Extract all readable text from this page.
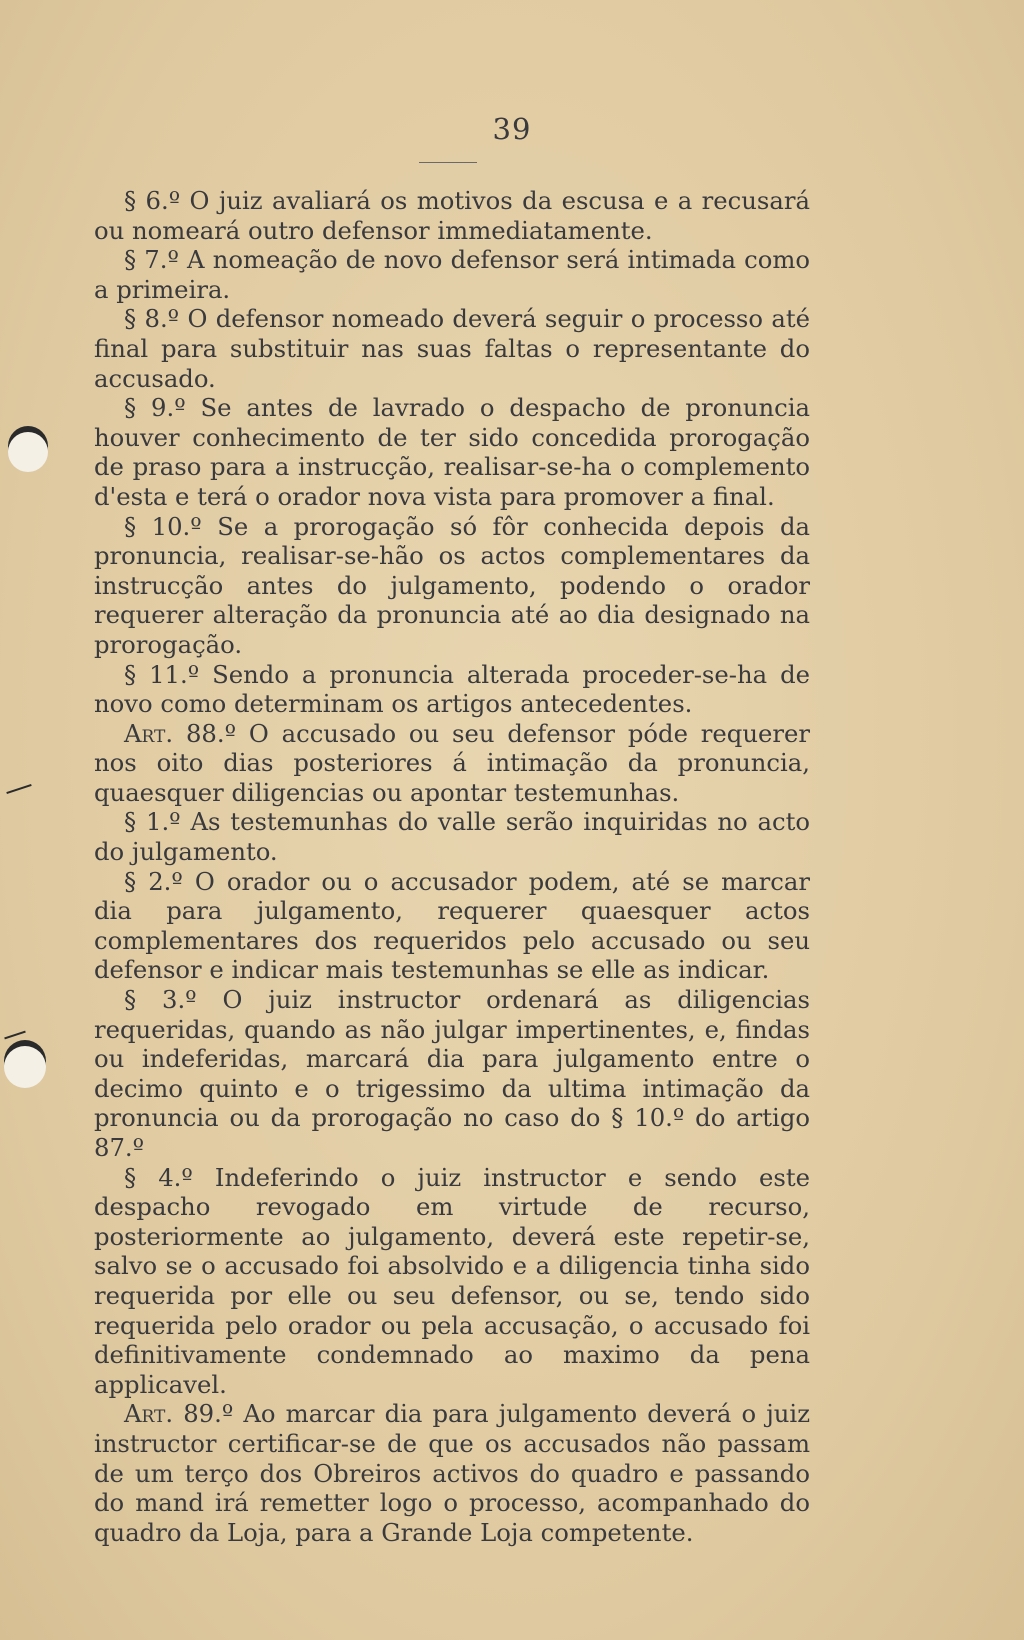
39

§ 6.º O juiz avaliará os motivos da escusa e a recusará ou nomeará outro defensor immediatamente.

§ 7.º A nomeação de novo defensor será intimada como a primeira.

§ 8.º O defensor nomeado deverá seguir o processo até final para substituir nas suas faltas o representante do accusado.

§ 9.º Se antes de lavrado o despacho de pronuncia houver conhecimento de ter sido concedida prorogação de praso para a instrucção, realisar-se-ha o complemento d'esta e terá o orador nova vista para promover a final.

§ 10.º Se a prorogação só fôr conhecida depois da pronuncia, realisar-se-hão os actos complementares da instrucção antes do julgamento, podendo o orador requerer alteração da pronuncia até ao dia designado na prorogação.

§ 11.º Sendo a pronuncia alterada proceder-se-ha de novo como determinam os artigos antecedentes.

Art. 88.º O accusado ou seu defensor póde requerer nos oito dias posteriores á intimação da pronuncia, quaesquer diligencias ou apontar testemunhas.

§ 1.º As testemunhas do valle serão inquiridas no acto do julgamento.

§ 2.º O orador ou o accusador podem, até se marcar dia para julgamento, requerer quaesquer actos complementares dos requeridos pelo accusado ou seu defensor e indicar mais testemunhas se elle as indicar.

§ 3.º O juiz instructor ordenará as diligencias requeridas, quando as não julgar impertinentes, e, findas ou indeferidas, marcará dia para julgamento entre o decimo quinto e o trigessimo da ultima intimação da pronuncia ou da prorogação no caso do § 10.º do artigo 87.º

§ 4.º Indeferindo o juiz instructor e sendo este despacho revogado em virtude de recurso, posteriormente ao julgamento, deverá este repetir-se, salvo se o accusado foi absolvido e a diligencia tinha sido requerida por elle ou seu defensor, ou se, tendo sido requerida pelo orador ou pela accusação, o accusado foi definitivamente condemnado ao maximo da pena applicavel.

Art. 89.º Ao marcar dia para julgamento deverá o juiz instructor certificar-se de que os accusados não passam de um terço dos Obreiros activos do quadro e passando do mand irá remetter logo o processo, acompanhado do quadro da Loja, para a Grande Loja competente.
